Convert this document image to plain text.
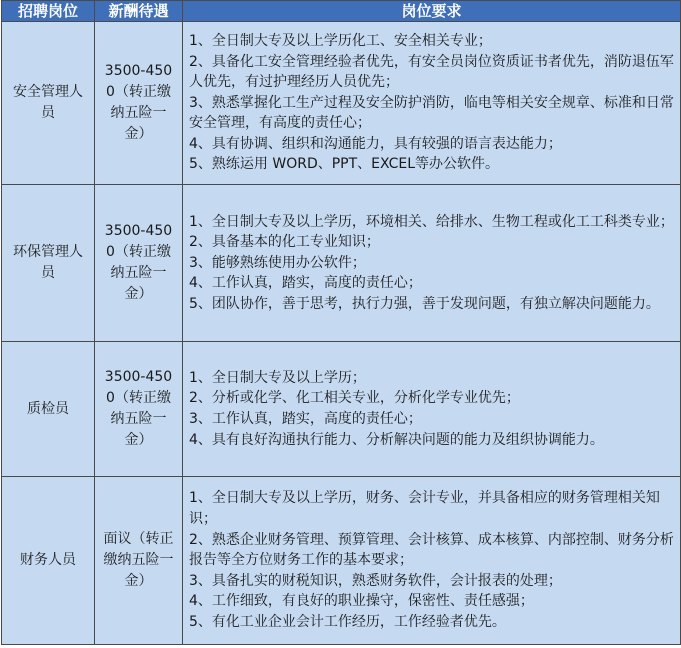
招聘岗位	新酬待遇	岗位要求
安全管理人员	3500-4500（转正缴纳五险一金）	1、全日制大专及以上学历化工、安全相关专业；
2、具备化工安全管理经验者优先，有安全员岗位资质证书者优先，消防退伍军人优先，有过护理经历人员优先；
3、熟悉掌握化工生产过程及安全防护消防，临电等相关安全规章、标准和日常安全管理，有高度的责任心；
4、具有协调、组织和沟通能力，具有较强的语言表达能力；
5、熟练运用 WORD、PPT、EXCEL等办公软件。

环保管理人员	3500-4500（转正缴纳五险一金）	1、全日制大专及以上学历，环境相关、给排水、生物工程或化工工科类专业；
2、具备基本的化工专业知识；
3、能够熟练使用办公软件；
4、工作认真，踏实，高度的责任心；
5、团队协作，善于思考，执行力强，善于发现问题，有独立解决问题能力。

质检员	3500-4500（转正缴纳五险一金）	1、全日制大专及以上学历；
2、分析或化学、化工相关专业，分析化学专业优先；
3、工作认真，踏实，高度的责任心；
4、具有良好沟通执行能力、分析解决问题的能力及组织协调能力。

财务人员	面议（转正缴纳五险一金）	1、全日制大专及以上学历，财务、会计专业，并具备相应的财务管理相关知识；
2、熟悉企业财务管理、预算管理、会计核算、成本核算、内部控制、财务分析报告等全方位财务工作的基本要求；
3、具备扎实的财税知识，熟悉财务软件，会计报表的处理；
4、工作细致，有良好的职业操守，保密性、责任感强；
5、有化工业企业会计工作经历，工作经验者优先。
